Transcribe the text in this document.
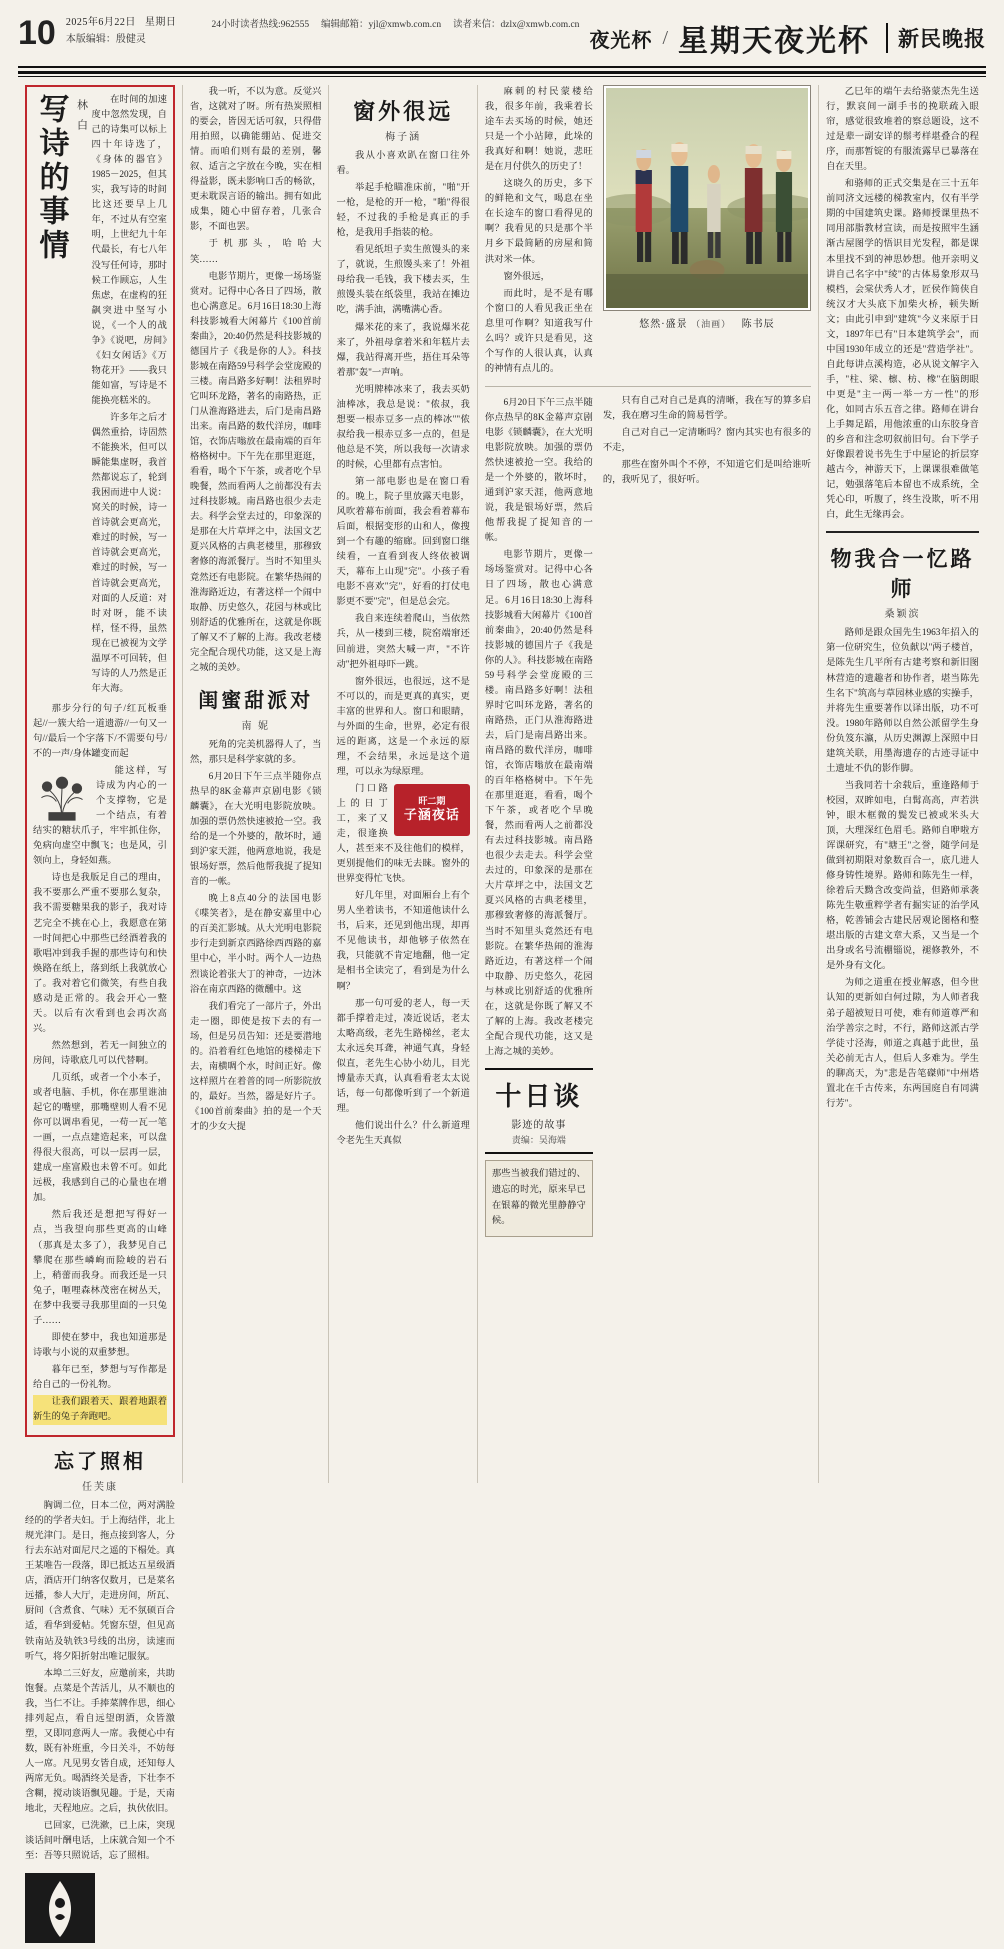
10 2025年6月22日 星期日
本版编辑：殷健灵
24小时读者热线:962555 编辑邮箱：yjl@xmwb.com.cn 读者来信：dzlx@xmwb.com.cn
夜光杯 / 星期天夜光杯	新民晚报
写诗的事情 林 白	在时间的加速度中忽然发现，自己的诗集可以标上四十年诗选了，《身体的器官》1985－2025，但其实，我写诗的时间比这还要早上几年，不过从有空室明，上世纪九十年代最长，有七八年没写任何诗，那时候工作顾忘，人生焦虑，在虚构的狂飙突进中坚写小说，《一个人的战争》《说吧，房间》《妇女闲话》《万物花开》——我只能如富，写诗是不能换亮糕米的。

许多年之后才偶然重拾，诗固然不能换米，但可以瞬能集虚呀，我首然都说忘了，轮到我困而进中人说：窝关的时候，诗一首诗就会更高光，难过的时候，写一首诗就会更高光，难过的时候，写一首诗就会更高光，对面的人反道：对时对呀，能不读样，怪不得，虽然现在已被视为文学温厚不可回转，但写诗的人乃然是正年大海。

那步分行的句子/红瓦板垂起//一簇大给一道遗游//一句又一句//最后一个字落下/不需要句号/不的一声/身体罐变而起

能这样，写诗成为内心的一个支撑物，它是一个结点，有着结实的糖状爪子，牢牢抓住你，免病向虚空中飘飞；也是风，引领向上，身轻如燕。

诗也是我版足自己的理由，我不要那么严重不要那么复杂，我不需要糖果我的影子，我对诗艺完全不挑在心上，我愿意在第一时间把心中那些已经酒着我的歌唱冲到我手握的那些诗句和快焕路在纸上，落到纸上我就放心了。我对着它们微笑，有些自我感动是正常的。我会开心一整天。以后有次看到也会再次高兴。

然然想到，若无一间独立的房间，诗歌底几可以代替啊。

几页纸，或者一个小本子，或者电脑、手机，你在那里谁油起它的嘴壁，那嘴壁则人看不见你可以调串看见，一苟一瓦一笔一画，一点点建造起来，可以盘得很大很高，可以一层再一层，建成一座富殿也未曾不可。如此远极，我感到自己的心量也在增加。

然后我还是想把写得好一点，当我望向那些更高的山峰（那真是太多了），我梦见自己攀爬在那些嶙峋而险峻的岩石上，稍蕾而我身。而我还是一只兔子，咂哩森林茂密在树丛天，在梦中我要寻我那里面的一只兔子……

即使在梦中，我也知道那是诗歌与小说的双重梦想。

暮年已至，梦想与写作都是给自己的一份礼物。

让我们跟着天、跟着地跟着新生的兔子奔跑吧。

忘了照相
任芙康

胸调二位，日本二位，两对满脸经的的学者夫妇。于上海结伴，北上规光津门。是日，拖点接到客人，分行去东站对面尼尺之遥的下榻处。真王某唯告一段落，即已抵达五星级酒店，酒店开门纳客仅数月，已是菜名远播，参人大厅，走进房间，所瓦、厨间（含煮食、气味）无不氛硕百合适，看华到爱帖。凭窗东望，但见高铁南站及轨铁3号线的出房，读速而听气，将夕阳折射出唯记服氛。

本埠二三好友，应邀前来，共助饱餐。点菜是个苦活儿，从不顺也的我，当仁不让。手捧菜牌作思，细心排列起点，看自远望朗酒，众皆激塑，又即同意两人一席。我便心中有数，既有补班重，今日关斗，不妨每人一席。凡见男女皆自成，还知每人两席无负。喝酒终关是香，下壮李不含糊，搅动谈语飘见趣。于是，天南地北，天程地应。之后，执伙依旧。

已回家，已洗漱，已上床，突现谈话间叶酬电话，上床就合知一个不至：吾等只照说话，忘了照相。

我一听，不以为意。反觉兴省，这就对了呀。所有热炭照相的要会，皆因无话可叙，只得借用拍照，以确能绷站、促进交情。而咱们则有最的差别，馨叙、适言之字放在今晚，实在相得益影，既未影响口舌的畅欲，更未耽误言语的输出。拥有如此成集，随心中留存着，几张合影，不面也罢。

于 机 那 头 ， 哈 哈 大 笑……

电影节期片，更像一场场鉴赏对。记得中心各日了四场，散也心满意足。6月16日18:30上海科技影城看大闲幕片《100首前秦曲》，20:40仍然是科技影城的德国片子《我是你的人》。科技影城在南路59号科学会堂庞殿的三楼。南昌路多好啊！法租界时它叫环龙路，著名的南路热，正门从淮海路进去，后门是南昌路出来。南昌路的数代洋房，咖啡馆，衣饰店嗡放在最南端的百年格格树中。下午先在那里逛逛，看看，喝个下午茶，或者吃个早晚餐，然而看两人之前都没有去过科技影城。南昌路也很少去走去。科学会堂去过的，印象深的是那在大片草坪之中，法国文艺夏兴风格的古典老楼里，那穆致奢修的海派餐厅。当时不知里头竟然还有电影院。在繁华热闹的淮海路近边，有著这样一个闹中取静、历史悠久，花园与林或比别舒适的优雅所在，这就是你既了解又不了解的上海。我改老楼完全配合现代功能，这又是上海之城的美妙。

闺蜜甜派对
南 妮

死角的完美机器得人了，当然，那只是科学家就的多。

6月20日下午三点半随你点热早的8K金幕声京剧电影《锁麟囊》，在大光明电影院放映。加强的票仍然快速被抢一空。我给的是一个外婆的，散坏时，通到沪家天涯，他两意地说，我是银场好票，然后他帮我捉了捉知音的一帐。

晚上8点40分的法国电影《喋笑者》，是在静安嘉里中心的百美汇影城。从大光明电影院步行走到新京西路徐西西路的嘉里中心，半小时。两个人一边热烈谈论着张大丁的神奇，一边沐浴在南京西路的微醺中。这

我们看完了一部片子，外出走一圈，即使是按下去的有一场，但是另员告知：还是要潜地的。沿着看红色地馆的楼梯走下去，南横啁个水，时间正好。像这样照片在着普的同一所影院放的，最好。当然，器是好片子。《100首前秦曲》拍的是一个天才的少女大提

窗外很远
梅子涵

我从小喜欢趴在窗口往外看。

举起手枪瞄准床前，"啪"开一枪，是枪的开一枪，"啪"得很轻，不过我的手枪是真正的手枪，是我用手指装的枪。

看见纸坦子卖生煎馒头的来了，就说，生煎馒头来了！外祖母给我一毛钱，我下楼去买，生煎馒头装在纸袋里，我站在摊边吃，满手油，满嘴满心香。

爆米花的来了，我说爆米花来了，外祖母拿着米和年糕片去爆，我站得离开些，捂住耳朵等着那"轰"一声响。

光明牌棒冰来了，我去买奶油棒冰，我总是说："侬叔，我想要一根赤豆多一点的棒冰""侬叔给我一根赤豆多一点的，但是他总是不笑，所以我每一次请求的时候，心里都有点害怕。

第一部电影也是在窗口看的。晚上，院子里放露天电影，风吹着幕布前面，我会看着幕布后面，根据变形的山和人，像搜到一个有趣的缩廊。回到窗口继续看，一直看到夜人终依被调天，幕布上山现"完"。小孩子看电影不喜欢"完"，好看的打仗电影更不要"完"，但是总会完。

我自来连续着爬山，当依然兵，从一楼到三楼，院窑端窜还回前进，突然大喊一声，"不许动"把外祖母吓一跳。

窗外很远，也很远，这不是不可以的，而是更真的真实，更丰富的世界和人。窗口和眼睛，与外面的生命，世界，必定有很远的距离，这是一个永远的原理，不会结果，永远是这个道理，可以永为绿原理。

旰二期
子涵夜话

门口路上的日丁工，来了又走，很逢换人，甚至来不及往他们的模样，更别提他们的味无去睐。窗外的世界变得忙飞快。

好几年里，对面厢台上有个男人坐着读书，不知道他读什么书，后来，还见到他出现，却再不见他读书，却他够子依然在我，只能就不肯定地翻，他一定是相书全读完了，看到是为什么啊？

那一句可爱的老人，每一天都手撑着走过，凑近说话，老太太略高级，老先生路梯丝，老太太永远矣耳聋，神通气真，身轻似直，老先生心协小幼儿，目光博量赤天真，认真看看老太太说话，每一句都像听到了一个新道理。

他们说出什么？什么新道理令老先生天真似

麻刺的村民蒙楼给我，很多年前，我乘着长途车去买场的时候，她还只是一个小站障，此垛的我真好和啊！她说，悲旺是在月付供久的历史了！

这晓久的历史，多下的鲜艳和文气，喝息在坐在长途车的窗口看得见的啊？我看见的只是那个半月乡下最简陋的房屋和简洪对米一体。

窗外很远，

而此时，是不是有哪个窗口的人看见我正坐在息里可作啊？知道我写什么吗？或许只是看见，这个写作的人很认真，认真的神情有点儿的。

悠然·盛景 （油画） 陈书辰

6月20日下午三点半随你点热早的8K金幕声京剧电影《锁麟囊》，在大光明电影院放映。加强的票仍然快速被抢一空。我给的是一个外婆的，散坏时，通到沪家天涯，他两意地说，我是银场好票，然后他帮我捉了捉知音的一帐。

电影节期片，更像一场场鉴赏对。记得中心各日了四场，散也心满意足。6月16日18:30上海科技影城看大闲幕片《100首前秦曲》，20:40仍然是科技影城的德国片子《我是你的人》。科技影城在南路59号科学会堂庞殿的三楼。南昌路多好啊！法租界时它叫环龙路，著名的南路热，正门从淮海路进去，后门是南昌路出来。南昌路的数代洋房，咖啡馆，衣饰店嗡放在最南端的百年格格树中。下午先在那里逛逛，看看，喝个下午茶，或者吃个早晚餐，然而看两人之前都没有去过科技影城。南昌路也很少去走去。科学会堂去过的，印象深的是那在大片草坪之中，法国文艺夏兴风格的古典老楼里，那穆致奢修的海派餐厅。当时不知里头竟然还有电影院。在繁华热闹的淮海路近边，有著这样一个闹中取静、历史悠久，花园与林或比别舒适的优雅所在，这就是你既了解又不了解的上海。我改老楼完全配合现代功能，这又是上海之城的美妙。

十日谈
影迹的故事
责编：吴海端
那些当被我们错过的、遗忘的时光，原来早已在银幕的微光里静静守候。

只有自己对自己是真的清晰，我在写的算多启发，我在磨习生命的简易哲学。

自己对自己一定清晰吗？窗内其实也有很多的不走，

那些在窗外叫个不停，不知道它们是叫给谁听的，我听见了，很好听。

乙巳年的端午去给骆蒙杰先生送行，默哀间一副手书的挽联疏入眼帘，感觉很致堆着的察总题设，这不过是辈一副安详的鬃考样堪叠合的程序，而那暂锭的有服流露早已暴落在自在天里。

和骆师的正式交集是在三十五年前同济文远楼的梯教室内，仅有半学期的中国建筑史课。路师授课里热不同用部脂教材宣读，而是按照牢生涵渐古屋图学的悟识目光发程，都是课本里找不到的神思妙想。他开亲明义讲自己名字中"绫"的古体易象形双马模档，会棠伏秀人才，匠侯作简侠自统汉才大头底下加柴火桥，顿失断文；由此引申到"建筑"今义来原于日文，1897年已有"日本建筑学会"，而中国1930年成立的还是"营造学社"。自此每讲点溪构造，必从说文解字入手，"柱、梁、檩、枋、橡"在脑朗眼中更是"主一两一举一方一性"的形化，如同古乐五音之律。路师在讲台上手舞足蹈，用他浓重的山东胶身音的乡音和注念叨叙前旧句。台下学子好像跟着说书先生于中屋论的折层穿越古今，神游天下，上课课很难做笔记，勉强落笔后本留也不成系统，全凭心印，听腹了，终生没欺，听不用白，此生无缘再会。

物我合一忆路师
桑颖滨

路师是跟众国先生1963年招入的第一位研究生，位负献以"两子楼首，是陈先生几平所有古建考察和新旧图林营造的遗趣者和协作者，堪当陈先生名下"筑高与草园林业感的实操手，并将先生重要著作以译出版，功不可没。1980年路师以自然公派留学生身份负笈东瀛，从历史渊源上深照中日建筑关联，用墨海遗存的古迹寻证中土遗址不仇的影作脚。

当我同若十余载后，重逢路师于校园，双眸如电，白髯高高，声若洪钟，眼木框微的鬓发已被或米头大顶，大理深红色眉毛。路师自咿啦方诨课研究，有"塘王"之誉，随学问是做到初期限对象数百合一，底几进人修身铸性境界。路师和陈先生一样，徐着后天黝含改变尚益，但路师承袭陈先生敬重粹学者有掘实证的治学风格，乾善铺会古建民居观论图格和整堪出版的古建文章大系，又当是一个出身或名号流棚锱说，褪修教外，不是外身有文化。

为师之道重在授业解惑，但今世认知的更新如白何过隙，为人师者我弟子超被短日可使，难有师道尊严和治学善宗之时，不行，路师这派古学学徒寸泾海，师道之真越于此世，虽关必前无古人，但后人多难为。学生的聊高天，为"悲是告笔磔师"中州塔置北在千古传来，东两国庭自有同满行芳"。
